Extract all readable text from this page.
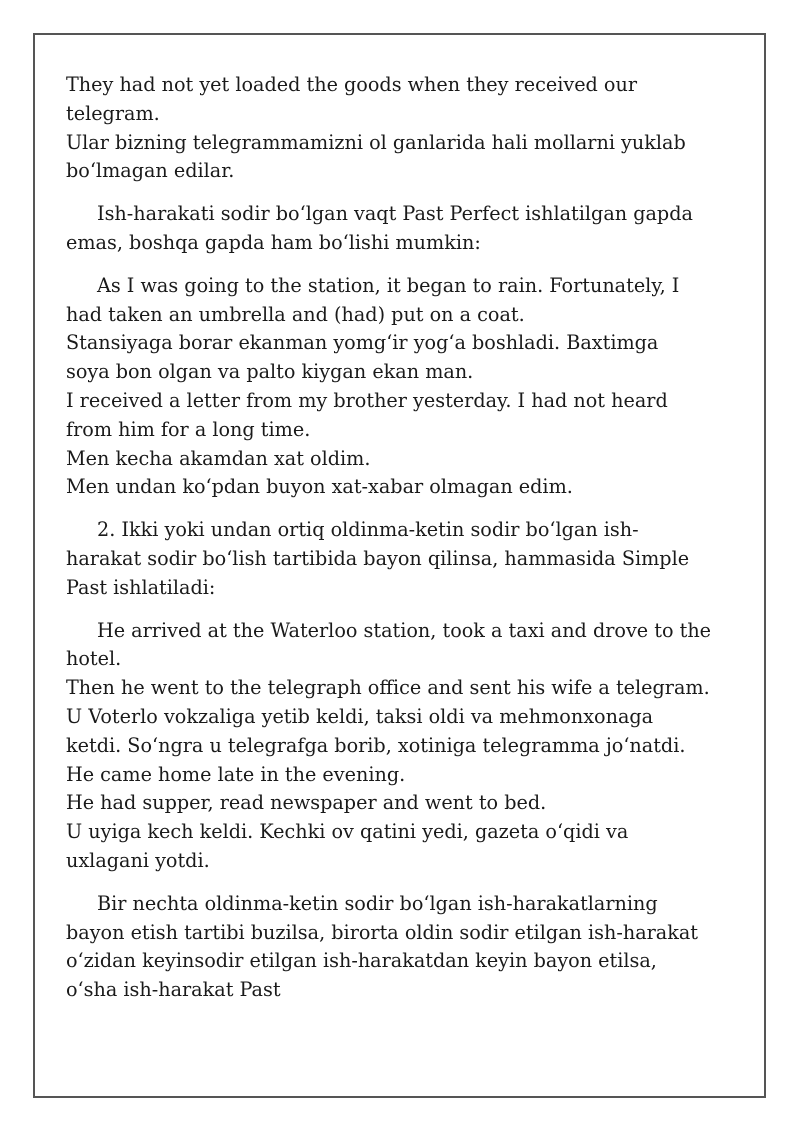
They had not yet loaded the goods when they received our
telegram.
Ular bizning telegrammamizni ol ganlarida hali mollarni yuklab
bo‘lmagan edilar.
Ish-harakati sodir bo‘lgan vaqt Past Perfect ishlatilgan gapda
emas, boshqa gapda ham bo‘lishi mumkin:
As I was going to the station, it began to rain. Fortunately, I
had taken an umbrella and (had) put on a coat.
Stansiyaga borar ekanman yomg‘ir yog‘a boshladi. Baxtimga
soya bon olgan va palto kiygan ekan man.
I received a letter from my brother yesterday. I had not heard
from him for a long time.
Men kecha akamdan xat oldim.
Men undan ko‘pdan buyon xat-xabar olmagan edim.
2. Ikki yoki undan ortiq oldinma-ketin sodir bo‘lgan ish-
harakat sodir bo‘lish tartibida bayon qilinsa, hammasida Simple
Past ishlatiladi:
He arrived at the Waterloo station, took a taxi and drove to the
hotel.
Then he went to the telegraph office and sent his wife a telegram.
U Voterlo vokzaliga yetib keldi, taksi oldi va mehmonxonaga
ketdi. So‘ngra u telegrafga borib, xotiniga telegramma jo‘natdi.
He came home late in the evening.
He had supper, read newspaper and went to bed.
U uyiga kech keldi. Kechki ov qatini yedi, gazeta o‘qidi va
uxlagani yotdi.
Bir nechta oldinma-ketin sodir bo‘lgan ish-harakatlarning
bayon etish tartibi buzilsa, birorta oldin sodir etilgan ish-harakat
o‘zidan keyinsodir etilgan ish-harakatdan keyin bayon etilsa,
o‘sha ish-harakat Past
